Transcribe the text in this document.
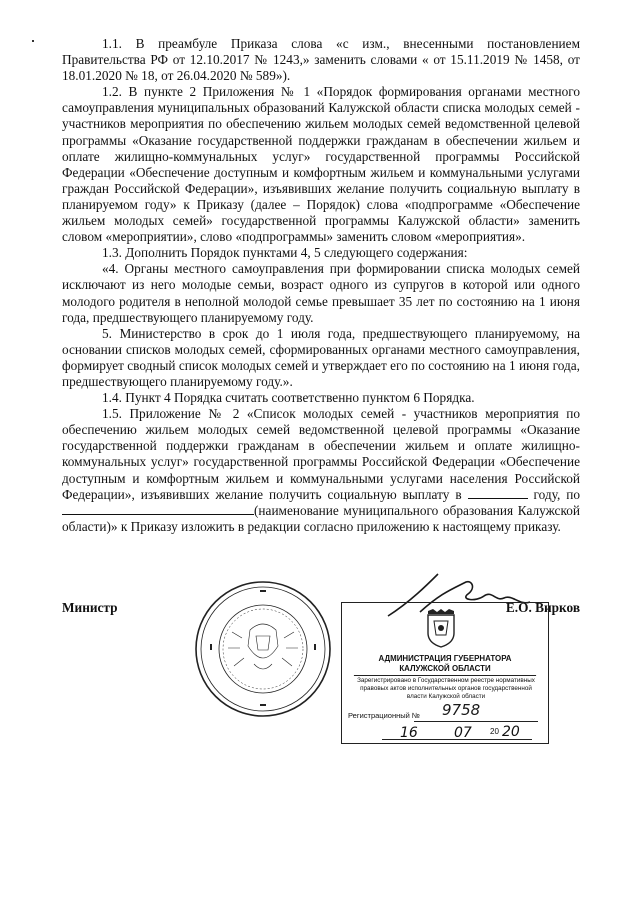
1.1. В преамбуле Приказа слова «с изм., внесенными постановлением Правительства РФ от 12.10.2017 № 1243,» заменить словами « от 15.11.2019 № 1458, от 18.01.2020 № 18, от 26.04.2020 № 589»).

1.2. В пункте 2 Приложения № 1 «Порядок формирования органами местного самоуправления муниципальных образований Калужской области списка молодых семей - участников мероприятия по обеспечению жильем молодых семей ведомственной целевой программы «Оказание государственной поддержки гражданам в обеспечении жильем и оплате жилищно-коммунальных услуг» государственной программы Российской Федерации «Обеспечение доступным и комфортным жильем и коммунальными услугами граждан Российской Федерации», изъявивших желание получить социальную выплату в планируемом году» к Приказу (далее – Порядок) слова «подпрограмме «Обеспечение жильем молодых семей» государственной программы Калужской области» заменить словом «мероприятии», слово «подпрограммы» заменить словом «мероприятия».

1.3. Дополнить Порядок пунктами 4, 5 следующего содержания:

«4. Органы местного самоуправления при формировании списка молодых семей исключают из него молодые семьи, возраст одного из супругов в которой или одного молодого родителя в неполной молодой семье превышает 35 лет по состоянию на 1 июня года, предшествующего планируемому году.

5. Министерство в срок до 1 июля года, предшествующего планируемому, на основании списков молодых семей, сформированных органами местного самоуправления, формирует сводный список молодых семей и утверждает его по состоянию на 1 июня года, предшествующего планируемому году.».

1.4. Пункт 4 Порядка считать соответственно пунктом 6 Порядка.

1.5. Приложение № 2 «Список молодых семей - участников мероприятия по обеспечению жильем молодых семей ведомственной целевой программы «Оказание государственной поддержки гражданам в обеспечении жильем и оплате жилищно-коммунальных услуг» государственной программы Российской Федерации «Обеспечение доступным и комфортным жильем и коммунальными услугами населения Российской Федерации», изъявивших желание получить социальную выплату в	году, по (наименование муниципального образования Калужской области)» к Приказу изложить в редакции согласно приложению к настоящему приказу.

Министр	Е.О. Вирков
АДМИНИСТРАЦИЯ ГУБЕРНАТОРА КАЛУЖСКОЙ ОБЛАСТИ
Зарегистрировано в Государственном реестре нормативных правовых актов исполнительных органов государственной власти Калужской области
Регистрационный № 9758
16	07 20 20
